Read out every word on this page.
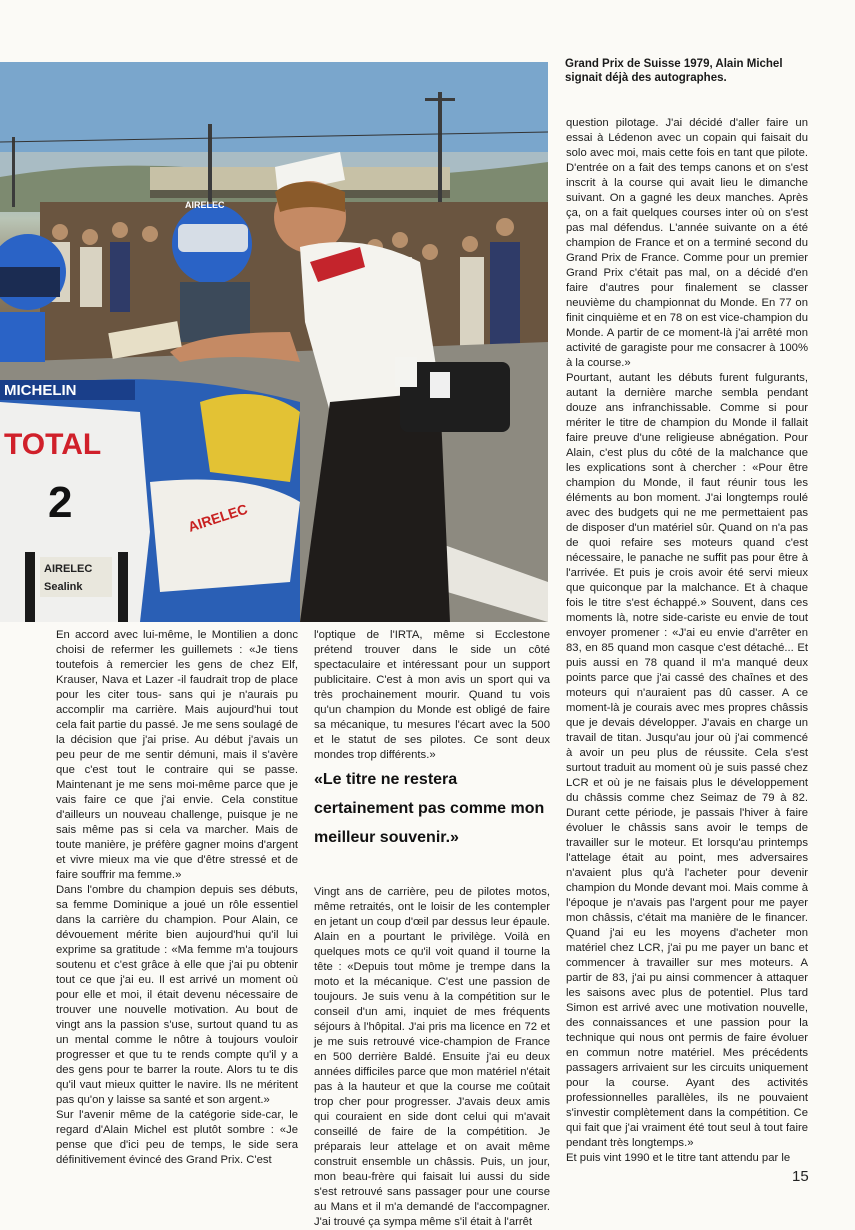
2
MICHELIN
TOTAL
AIRELEC
AIRELEC
Sealink
AIRELEC
Grand Prix de Suisse 1979, Alain Michel signait déjà des autographes.

En accord avec lui-même, le Montilien a donc choisi de refermer les guillemets : «Je tiens toutefois à remercier les gens de chez Elf, Krauser, Nava et Lazer -il faudrait trop de place pour les citer tous- sans qui je n'aurais pu accomplir ma carrière. Mais aujourd'hui tout cela fait partie du passé. Je me sens soulagé de la décision que j'ai prise. Au début j'avais un peu peur de me sentir démuni, mais il s'avère que c'est tout le contraire qui se passe. Maintenant je me sens moi-même parce que je vais faire ce que j'ai envie. Cela constitue d'ailleurs un nouveau challenge, puisque je ne sais même pas si cela va marcher. Mais de toute manière, je préfère gagner moins d'argent et vivre mieux ma vie que d'être stressé et de faire souffrir ma femme.»

Dans l'ombre du champion depuis ses débuts, sa femme Dominique a joué un rôle essentiel dans la carrière du champion. Pour Alain, ce dévouement mérite bien aujourd'hui qu'il lui exprime sa gratitude : «Ma femme m'a toujours soutenu et c'est grâce à elle que j'ai pu obtenir tout ce que j'ai eu. Il est arrivé un moment où pour elle et moi, il était devenu nécessaire de trouver une nouvelle motivation. Au bout de vingt ans la passion s'use, surtout quand tu as un mental comme le nôtre à toujours vouloir progresser et que tu te rends compte qu'il y a des gens pour te barrer la route. Alors tu te dis qu'il vaut mieux quitter le navire. Ils ne méritent pas qu'on y laisse sa santé et son argent.»

Sur l'avenir même de la catégorie side-car, le regard d'Alain Michel est plutôt sombre : «Je pense que d'ici peu de temps, le side sera définitivement évincé des Grand Prix. C'est

l'optique de l'IRTA, même si Ecclestone prétend trouver dans le side un côté spectaculaire et intéressant pour un support publicitaire. C'est à mon avis un sport qui va très prochainement mourir. Quand tu vois qu'un champion du Monde est obligé de faire sa mécanique, tu mesures l'écart avec la 500 et le statut de ses pilotes. Ce sont deux mondes trop différents.»

«Le titre ne restera certainement pas comme mon meilleur souvenir.»

Vingt ans de carrière, peu de pilotes motos, même retraités, ont le loisir de les contempler en jetant un coup d'œil par dessus leur épaule. Alain en a pourtant le privilège. Voilà en quelques mots ce qu'il voit quand il tourne la tête : «Depuis tout môme je trempe dans la moto et la mécanique. C'est une passion de toujours. Je suis venu à la compétition sur le conseil d'un ami, inquiet de mes fréquents séjours à l'hôpital. J'ai pris ma licence en 72 et je me suis retrouvé vice-champion de France en 500 derrière Baldé. Ensuite j'ai eu deux années difficiles parce que mon matériel n'était pas à la hauteur et que la course me coûtait trop cher pour progresser. J'avais deux amis qui couraient en side dont celui qui m'avait conseillé de faire de la compétition. Je préparais leur attelage et on avait même construit ensemble un châssis. Puis, un jour, mon beau-frère qui faisait lui aussi du side s'est retrouvé sans passager pour une course au Mans et il m'a demandé de l'accompagner. J'ai trouvé ça sympa même s'il était à l'arrêt

question pilotage. J'ai décidé d'aller faire un essai à Lédenon avec un copain qui faisait du solo avec moi, mais cette fois en tant que pilote. D'entrée on a fait des temps canons et on s'est inscrit à la course qui avait lieu le dimanche suivant. On a gagné les deux manches. Après ça, on a fait quelques courses inter où on s'est pas mal défendus. L'année suivante on a été champion de France et on a terminé second du Grand Prix de France. Comme pour un premier Grand Prix c'était pas mal, on a décidé d'en faire d'autres pour finalement se classer neuvième du championnat du Monde. En 77 on finit cinquième et en 78 on est vice-champion du Monde. A partir de ce moment-là j'ai arrêté mon activité de garagiste pour me consacrer à 100% à la course.»

Pourtant, autant les débuts furent fulgurants, autant la dernière marche sembla pendant douze ans infranchissable. Comme si pour mériter le titre de champion du Monde il fallait faire preuve d'une religieuse abnégation. Pour Alain, c'est plus du côté de la malchance que les explications sont à chercher : «Pour être champion du Monde, il faut réunir tous les éléments au bon moment. J'ai longtemps roulé avec des budgets qui ne me permettaient pas de disposer d'un matériel sûr. Quand on n'a pas de quoi refaire ses moteurs quand c'est nécessaire, le panache ne suffit pas pour être à l'arrivée. Et puis je crois avoir été servi mieux que quiconque par la malchance. Et à chaque fois le titre s'est échappé.» Souvent, dans ces moments là, notre side-cariste eu envie de tout envoyer promener : «J'ai eu envie d'arrêter en 83, en 85 quand mon casque c'est détaché... Et puis aussi en 78 quand il m'a manqué deux points parce que j'ai cassé des chaînes et des moteurs qui n'auraient pas dû casser. A ce moment-là je courais avec mes propres châssis que je devais développer. J'avais en charge un travail de titan. Jusqu'au jour où j'ai commencé à avoir un peu plus de réussite. Cela s'est surtout traduit au moment où je suis passé chez LCR et où je ne faisais plus le développement du châssis comme chez Seimaz de 79 à 82. Durant cette période, je passais l'hiver à faire évoluer le châssis sans avoir le temps de travailler sur le moteur. Et lorsqu'au printemps l'attelage était au point, mes adversaires n'avaient plus qu'à l'acheter pour devenir champion du Monde devant moi. Mais comme à l'époque je n'avais pas l'argent pour me payer mon châssis, c'était ma manière de le financer. Quand j'ai eu les moyens d'acheter mon matériel chez LCR, j'ai pu me payer un banc et commencer à travailler sur mes moteurs. A partir de 83, j'ai pu ainsi commencer à attaquer les saisons avec plus de potentiel. Plus tard Simon est arrivé avec une motivation nouvelle, des connaissances et une passion pour la technique qui nous ont permis de faire évoluer en commun notre matériel. Mes précédents passagers arrivaient sur les circuits uniquement pour la course. Ayant des activités professionnelles parallèles, ils ne pouvaient s'investir complètement dans la compétition. Ce qui fait que j'ai vraiment été tout seul à tout faire pendant très longtemps.»

Et puis vint 1990 et le titre tant attendu par le

15
